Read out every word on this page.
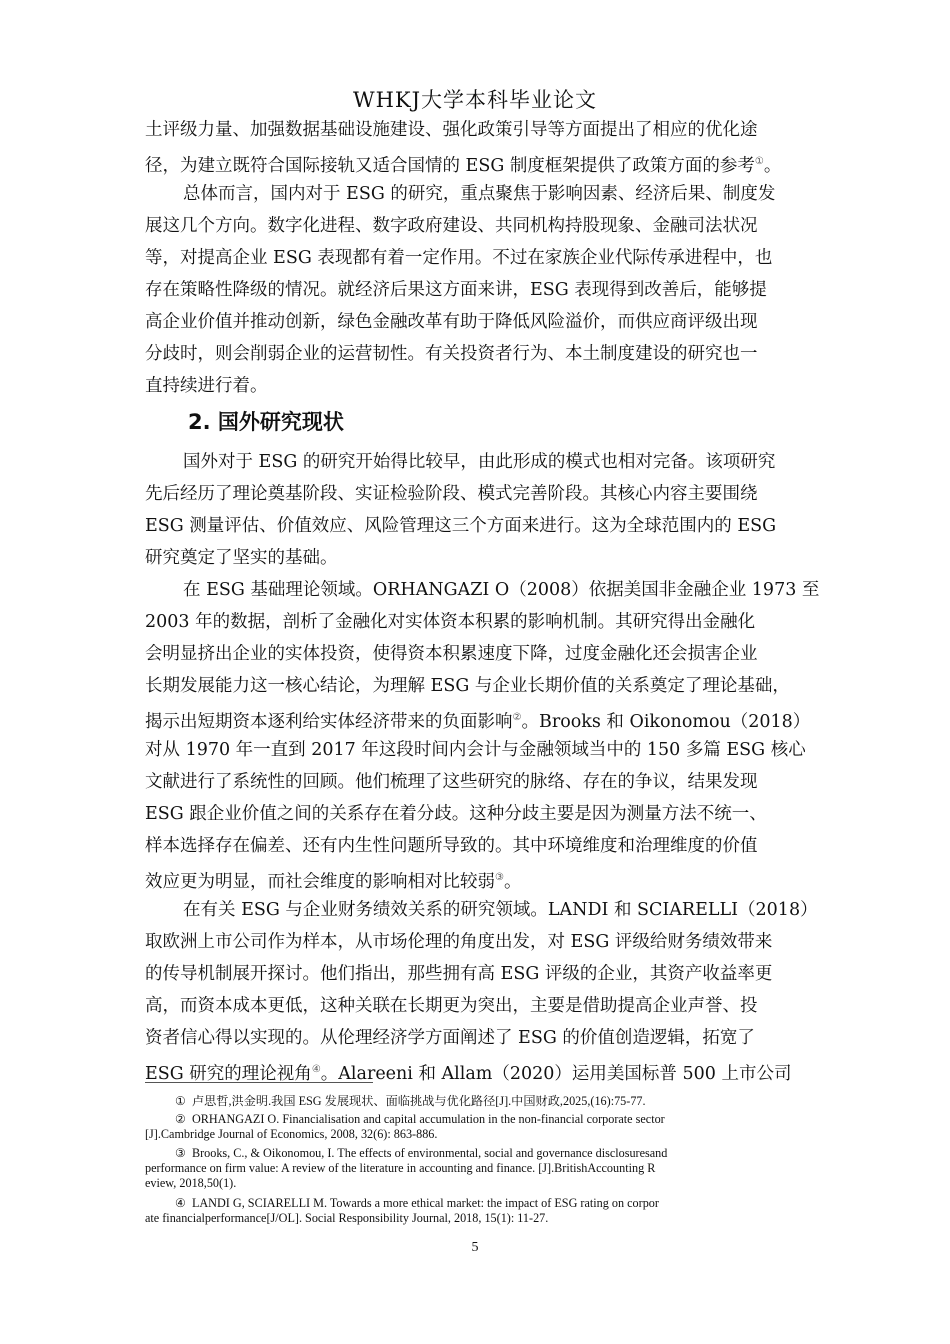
WHKJ大学本科毕业论文
土评级力量、加强数据基础设施建设、强化政策引导等方面提出了相应的优化途
径，为建立既符合国际接轨又适合国情的 ESG 制度框架提供了政策方面的参考①。
总体而言，国内对于 ESG 的研究，重点聚焦于影响因素、经济后果、制度发
展这几个方向。数字化进程、数字政府建设、共同机构持股现象、金融司法状况
等，对提高企业 ESG 表现都有着一定作用。不过在家族企业代际传承进程中，也
存在策略性降级的情况。就经济后果这方面来讲，ESG 表现得到改善后，能够提
高企业价值并推动创新，绿色金融改革有助于降低风险溢价，而供应商评级出现
分歧时，则会削弱企业的运营韧性。有关投资者行为、本土制度建设的研究也一
直持续进行着。
2. 国外研究现状
国外对于 ESG 的研究开始得比较早，由此形成的模式也相对完备。该项研究
先后经历了理论奠基阶段、实证检验阶段、模式完善阶段。其核心内容主要围绕
ESG 测量评估、价值效应、风险管理这三个方面来进行。这为全球范围内的 ESG
研究奠定了坚实的基础。
在 ESG 基础理论领域。ORHANGAZI O（2008）依据美国非金融企业 1973 至
2003 年的数据，剖析了金融化对实体资本积累的影响机制。其研究得出金融化
会明显挤出企业的实体投资，使得资本积累速度下降，过度金融化还会损害企业
长期发展能力这一核心结论，为理解 ESG 与企业长期价值的关系奠定了理论基础，
揭示出短期资本逐利给实体经济带来的负面影响②。Brooks 和 Oikonomou（2018）
对从 1970 年一直到 2017 年这段时间内会计与金融领域当中的 150 多篇 ESG 核心
文献进行了系统性的回顾。他们梳理了这些研究的脉络、存在的争议，结果发现
ESG 跟企业价值之间的关系存在着分歧。这种分歧主要是因为测量方法不统一、
样本选择存在偏差、还有内生性问题所导致的。其中环境维度和治理维度的价值
效应更为明显，而社会维度的影响相对比较弱③。
在有关 ESG 与企业财务绩效关系的研究领域。LANDI 和 SCIARELLI（2018）
取欧洲上市公司作为样本，从市场伦理的角度出发，对 ESG 评级给财务绩效带来
的传导机制展开探讨。他们指出，那些拥有高 ESG 评级的企业，其资产收益率更
高，而资本成本更低，这种关联在长期更为突出，主要是借助提高企业声誉、投
资者信心得以实现的。从伦理经济学方面阐述了 ESG 的价值创造逻辑，拓宽了
ESG 研究的理论视角④。Alareeni 和 Allam（2020）运用美国标普 500 上市公司
① 卢思哲,洪金明.我国 ESG 发展现状、面临挑战与优化路径[J].中国财政,2025,(16):75-77.
② ORHANGAZI O. Financialisation and capital accumulation in the non-financial corporate sector
[J].Cambridge Journal of Economics, 2008, 32(6): 863-886.
③ Brooks, C., & Oikonomou, I. The effects of environmental, social and governance disclosuresand
performance on firm value: A review of the literature in accounting and finance. [J].BritishAccounting R
eview, 2018,50(1).
④ LANDI G, SCIARELLI M. Towards a more ethical market: the impact of ESG rating on corpor
ate financialperformance[J/OL]. Social Responsibility Journal, 2018, 15(1): 11-27.
5
